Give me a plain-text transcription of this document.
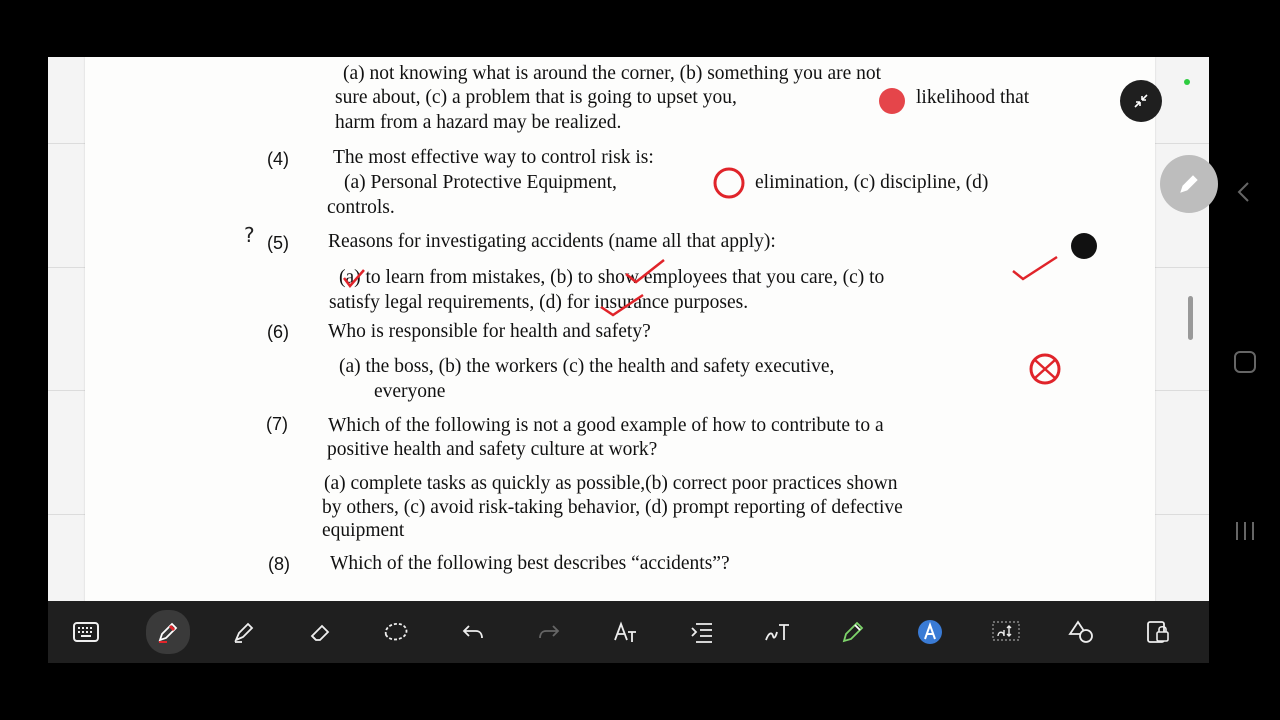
(a) not knowing what is around the corner, (b) something you are not
sure about, (c) a problem that is going to upset you,	likelihood that
harm from a hazard may be realized.
(4) The most effective way to control risk is:
(a) Personal Protective Equipment,	elimination, (c) discipline, (d)
controls.
? (5) Reasons for investigating accidents (name all that apply):
(a) to learn from mistakes, (b) to show employees that you care, (c) to
satisfy legal requirements, (d) for insurance purposes.
(6) Who is responsible for health and safety?
(a) the boss, (b) the workers (c) the health and safety executive,
everyone
(7) Which of the following is not a good example of how to contribute to a
positive health and safety culture at work?
(a) complete tasks as quickly as possible,(b) correct poor practices shown
by others, (c) avoid risk-taking behavior, (d) prompt reporting of defective
equipment
(8) Which of the following best describes “accidents”?
